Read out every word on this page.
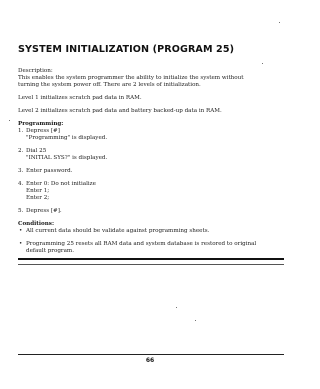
SYSTEM INITIALIZATION (PROGRAM 25)
Description:
This enables the system programmer the ability to initialize the system without
turning the system power off. There are 2 levels of initialization.
Level 1 initializes scratch pad data in RAM.
Level 2 initializes scratch pad data and battery backed-up data in RAM.
Programming:
1. Depress [#]
"Programming" is displayed.
2. Dial 25
"INITIAL SYS?" is displayed.
3. Enter password.
4. Enter 0: Do not initialize
Enter 1;
Enter 2;
5. Depress [#].
Conditions:
• All current data should be validate against programming sheets.
• Programming 25 resets all RAM data and system database is restored to original
default program.
66
